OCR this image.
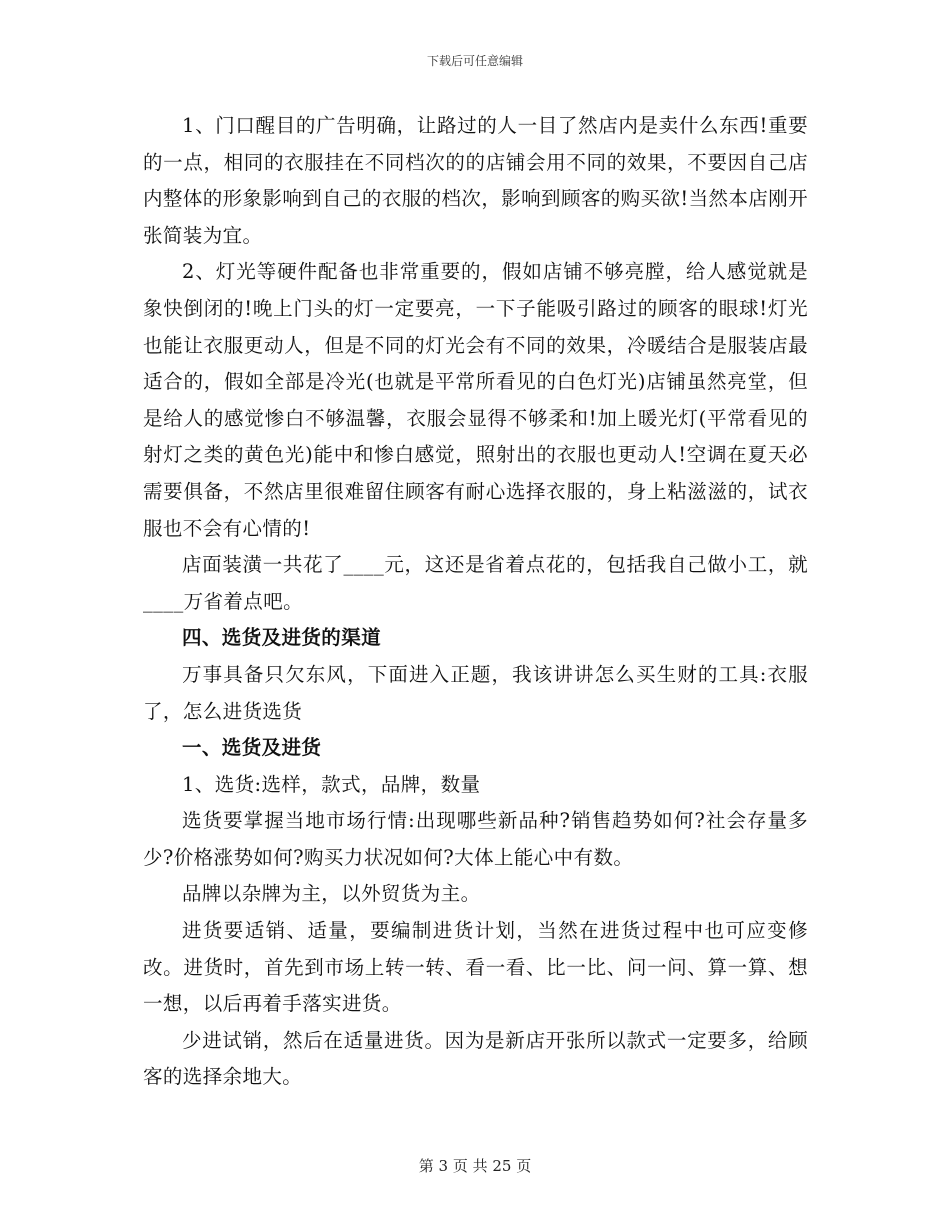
下载后可任意编辑

1、门口醒目的广告明确，让路过的人一目了然店内是卖什么东西!重要的一点，相同的衣服挂在不同档次的的店铺会用不同的效果，不要因自己店内整体的形象影响到自己的衣服的档次，影响到顾客的购买欲!当然本店刚开张简装为宜。

2、灯光等硬件配备也非常重要的，假如店铺不够亮膛，给人感觉就是象快倒闭的!晚上门头的灯一定要亮，一下子能吸引路过的顾客的眼球!灯光也能让衣服更动人，但是不同的灯光会有不同的效果，冷暖结合是服装店最适合的，假如全部是冷光(也就是平常所看见的白色灯光)店铺虽然亮堂，但是给人的感觉惨白不够温馨，衣服会显得不够柔和!加上暖光灯(平常看见的射灯之类的黄色光)能中和惨白感觉，照射出的衣服也更动人!空调在夏天必需要俱备，不然店里很难留住顾客有耐心选择衣服的，身上粘滋滋的，试衣服也不会有心情的!

店面装潢一共花了____元，这还是省着点花的，包括我自己做小工，就____万省着点吧。

四、选货及进货的渠道

万事具备只欠东风，下面进入正题，我该讲讲怎么买生财的工具:衣服了，怎么进货选货

一、选货及进货

1、选货:选样，款式，品牌，数量

选货要掌握当地市场行情:出现哪些新品种?销售趋势如何?社会存量多少?价格涨势如何?购买力状况如何?大体上能心中有数。

品牌以杂牌为主，以外贸货为主。

进货要适销、适量，要编制进货计划，当然在进货过程中也可应变修改。进货时，首先到市场上转一转、看一看、比一比、问一问、算一算、想一想，以后再着手落实进货。

少进试销，然后在适量进货。因为是新店开张所以款式一定要多，给顾客的选择余地大。

第 3 页 共 25 页
